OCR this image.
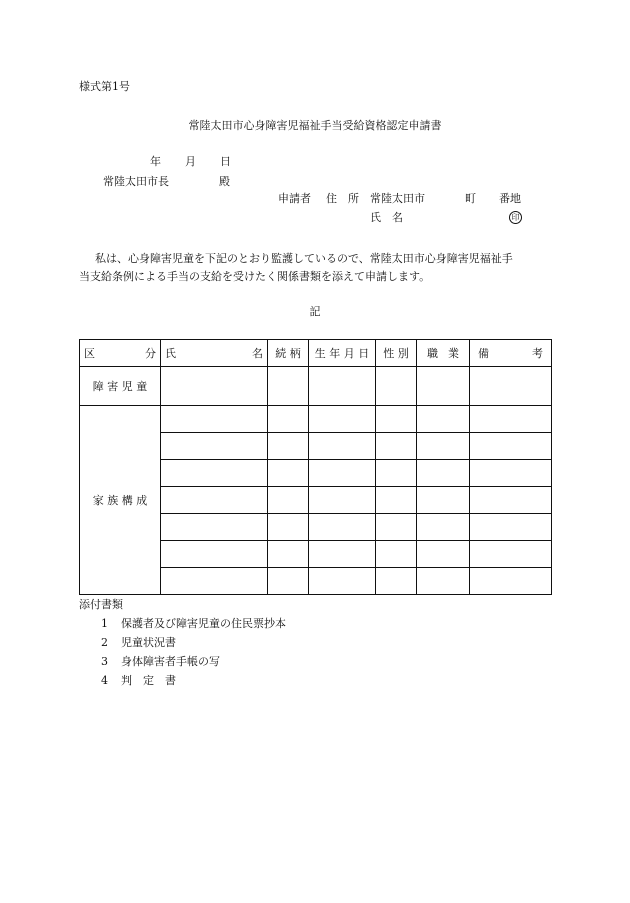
様式第1号
常陸太田市心身障害児福祉手当受給資格認定申請書
年 月 日
常陸太田市長	殿
申請者 住　所 常陸太田市	町 番地
氏　名	印
私は、心身障害児童を下記のとおり監護しているので、常陸太田市心身障害児福祉手
当支給条例による手当の支給を受けたく関係書類を添えて申請します。
記
区 分	氏 名	続 柄	生 年 月 日	性 別	職 業	備 考

障 害 児 童						
家 族 構 成						

添付書類
1 保護者及び障害児童の住民票抄本
2 児童状況書
3 身体障害者手帳の写
4 判　定　書
